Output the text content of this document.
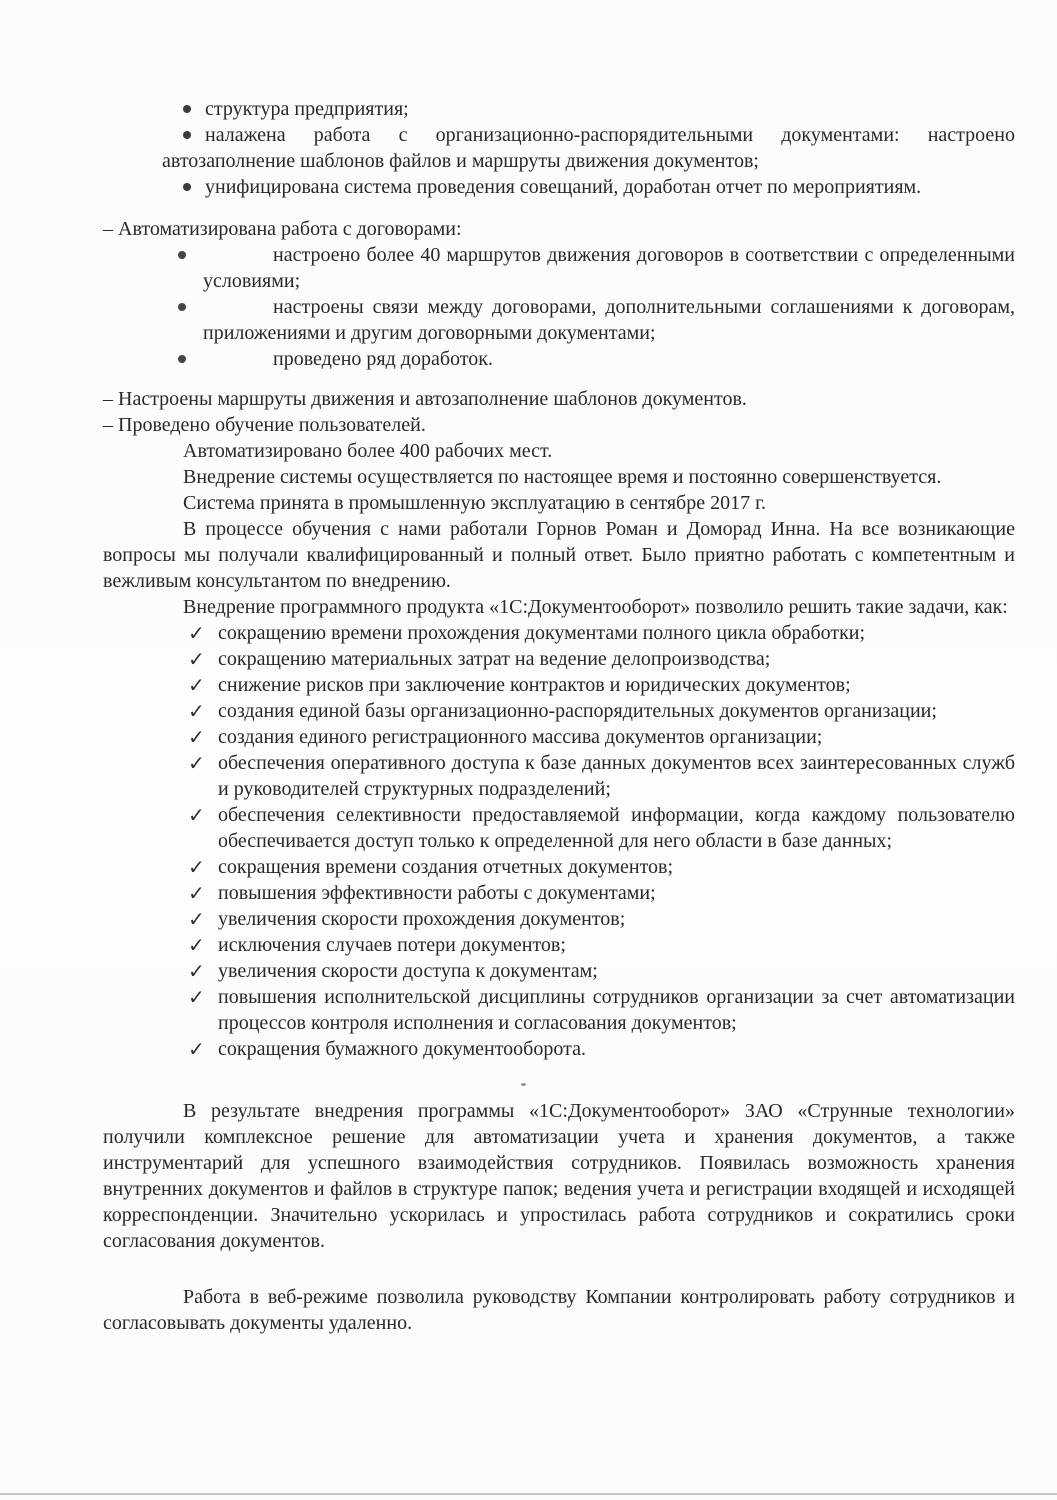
структура предприятия;
налажена работа с организационно-распорядительными документами: настроено автозаполнение шаблонов файлов и маршруты движения документов;
унифицирована система проведения совещаний, доработан отчет по мероприятиям.

– Автоматизирована работа с договорами:

настроено более 40 маршрутов движения договоров в соответствии с определенными условиями;
настроены связи между договорами, дополнительными соглашениями к договорам, приложениями и другим договорными документами;
проведено ряд доработок.

– Настроены маршруты движения и автозаполнение шаблонов документов.

– Проведено обучение пользователей.

Автоматизировано более 400 рабочих мест.

Внедрение системы осуществляется по настоящее время и постоянно совершенствуется.

Система принята в промышленную эксплуатацию в сентябре 2017 г.

В процессе обучения с нами работали Горнов Роман и Доморад Инна. На все возникающие вопросы мы получали квалифицированный и полный ответ. Было приятно работать с компетентным и вежливым консультантом по внедрению.

Внедрение программного продукта «1С:Документооборот» позволило решить такие задачи, как:

✓ сокращению времени прохождения документами полного цикла обработки;
✓ сокращению материальных затрат на ведение делопроизводства;
✓ снижение рисков при заключение контрактов и юридических документов;
✓ создания единой базы организационно-распорядительных документов организации;
✓ создания единого регистрационного массива документов организации;
✓ обеспечения оперативного доступа к базе данных документов всех заинтересованных служб и руководителей структурных подразделений;
✓ обеспечения селективности предоставляемой информации, когда каждому пользователю обеспечивается доступ только к определенной для него области в базе данных;
✓ сокращения времени создания отчетных документов;
✓ повышения эффективности работы с документами;
✓ увеличения скорости прохождения документов;
✓ исключения случаев потери документов;
✓ увеличения скорости доступа к документам;
✓ повышения исполнительской дисциплины сотрудников организации за счет автоматизации процессов контроля исполнения и согласования документов;
✓ сокращения бумажного документооборота.

В результате внедрения программы «1С:Документооборот» ЗАО «Струнные технологии» получили комплексное решение для автоматизации учета и хранения документов, а также инструментарий для успешного взаимодействия сотрудников. Появилась возможность хранения внутренних документов и файлов в структуре папок; ведения учета и регистрации входящей и исходящей корреспонденции. Значительно ускорилась и упростилась работа сотрудников и сократились сроки согласования документов.

Работа в веб-режиме позволила руководству Компании контролировать работу сотрудников и согласовывать документы удаленно.
